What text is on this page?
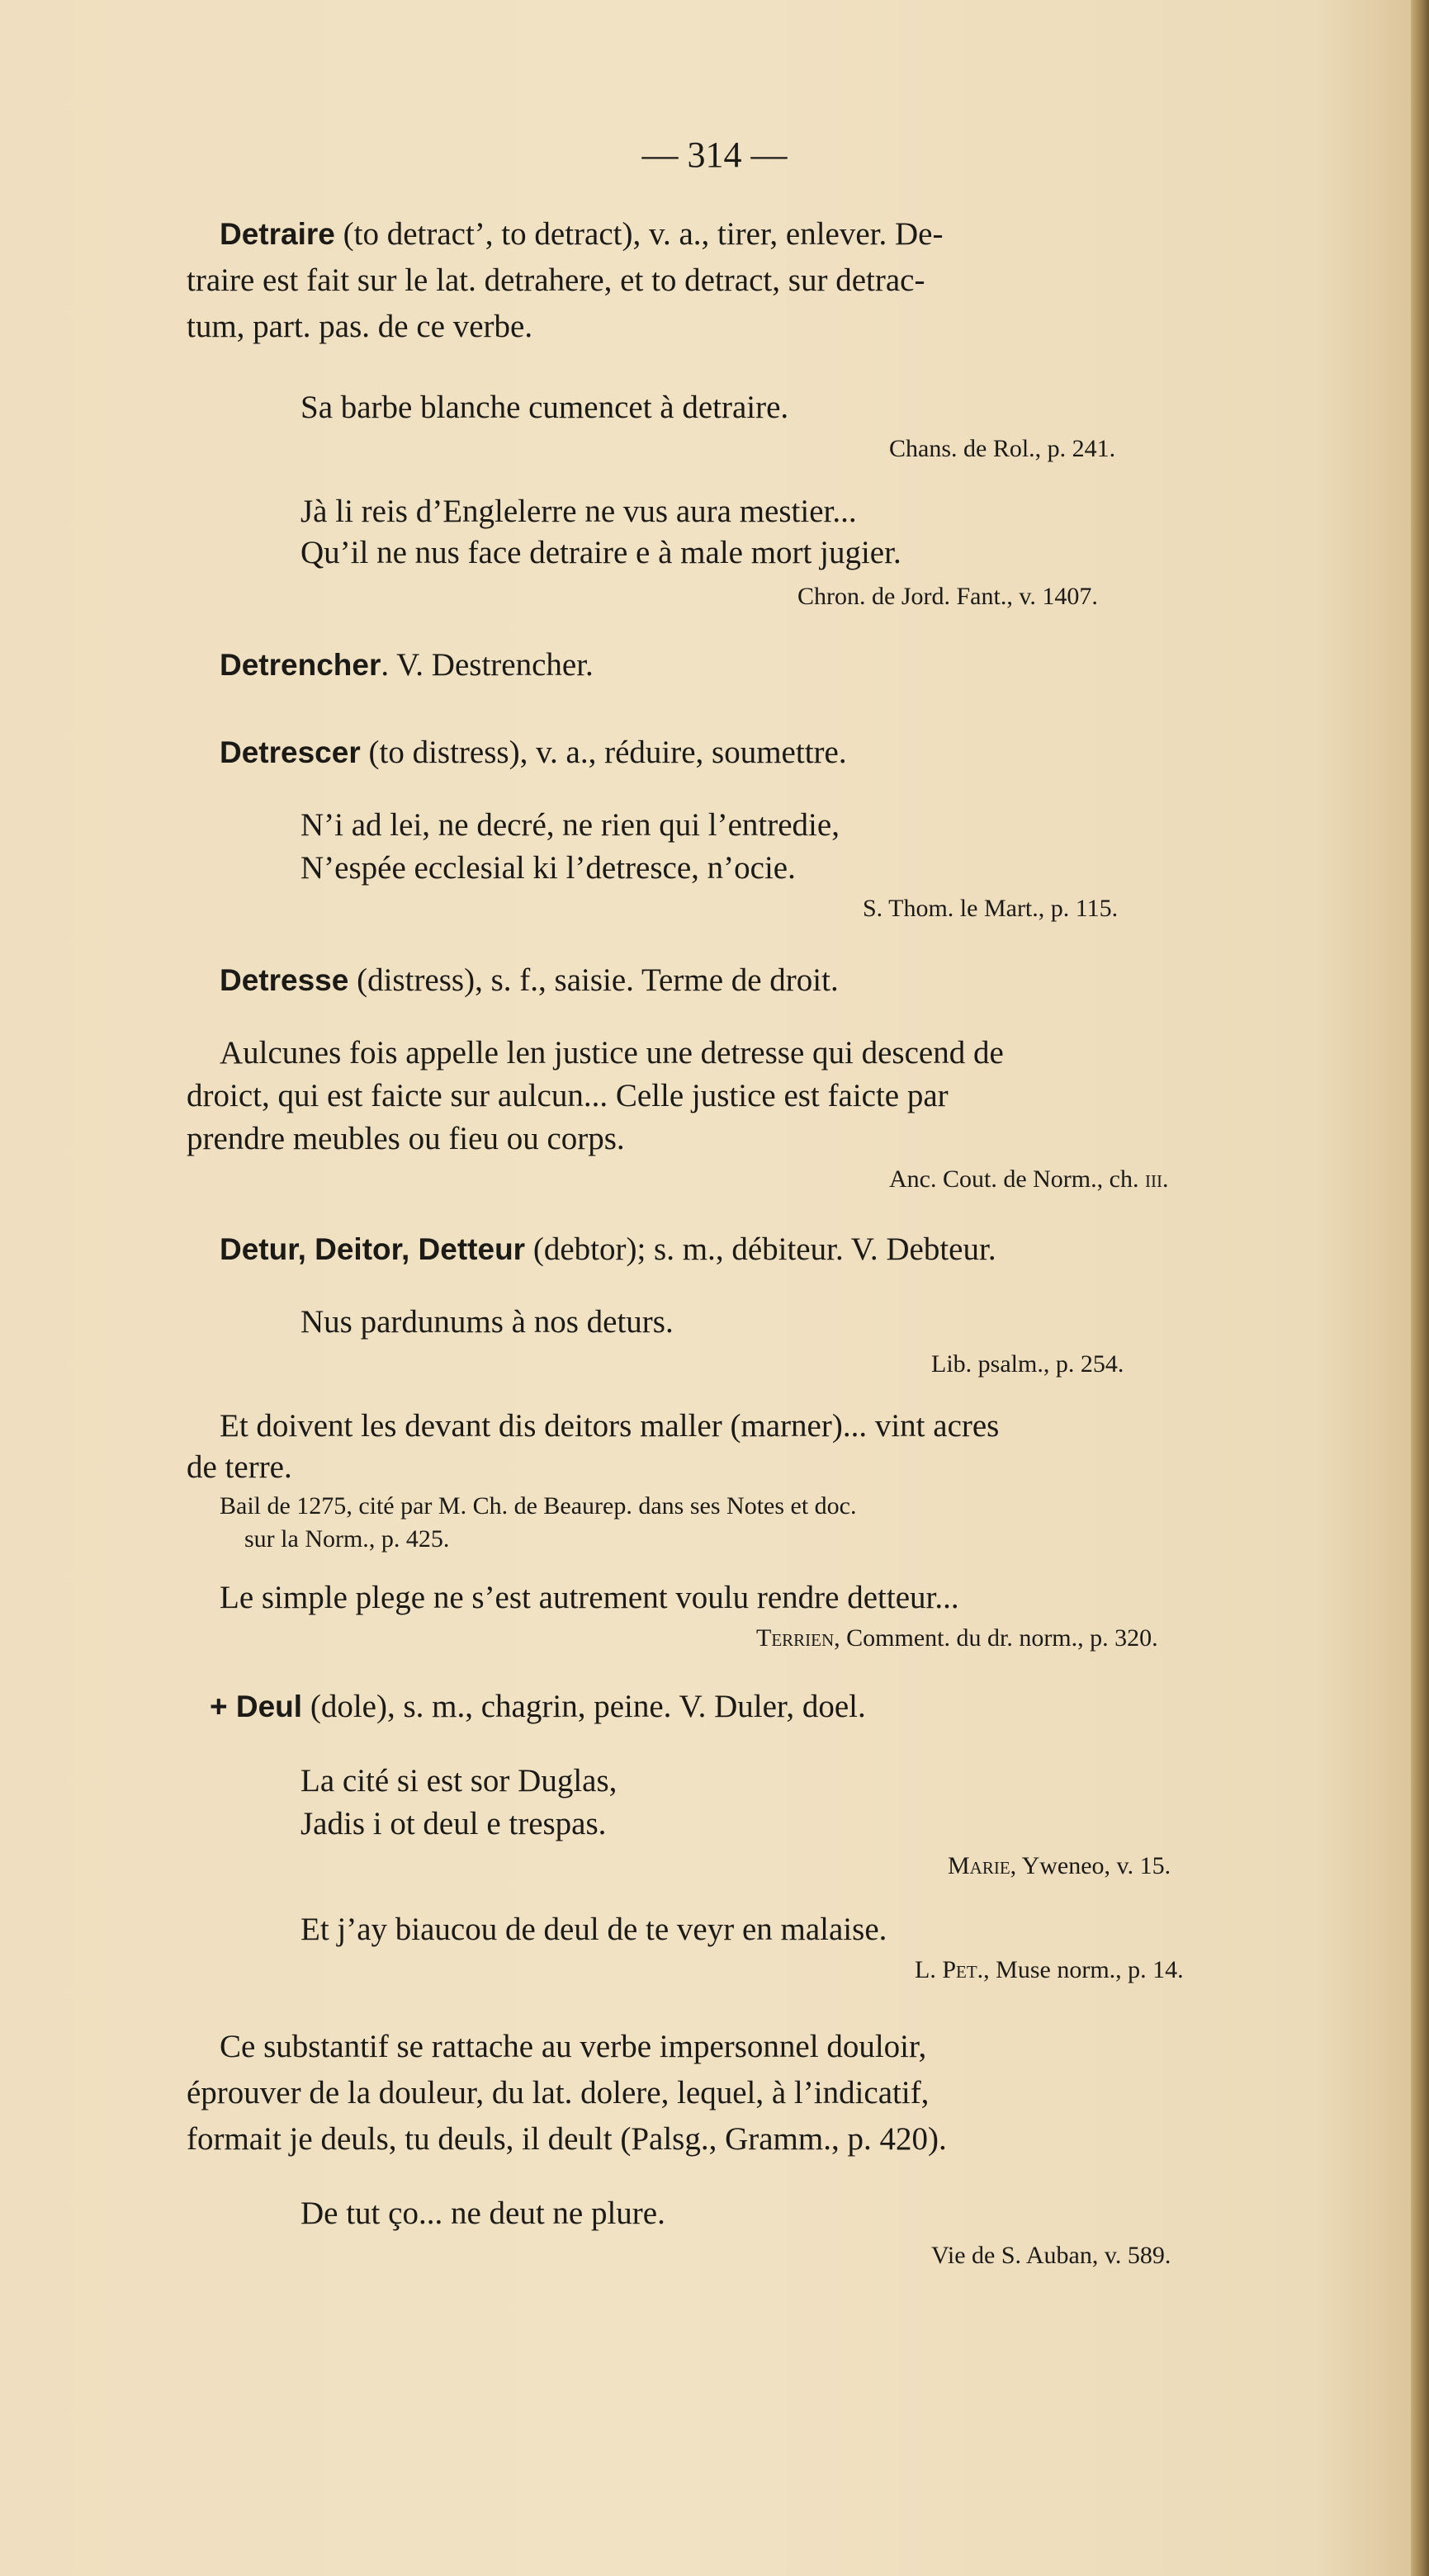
— 314 —

Detraire (to detract’, to detract), v. a., tirer, enlever. De-

traire est fait sur le lat. detrahere, et to detract, sur detrac-

tum, part. pas. de ce verbe.

Sa barbe blanche cumencet à detraire.

Chans. de Rol., p. 241.

Jà li reis d’Englelerre ne vus aura mestier...

Qu’il ne nus face detraire e à male mort jugier.

Chron. de Jord. Fant., v. 1407.

Detrencher. V. Destrencher.

Detrescer (to distress), v. a., réduire, soumettre.

N’i ad lei, ne decré, ne rien qui l’entredie,

N’espée ecclesial ki l’detresce, n’ocie.

S. Thom. le Mart., p. 115.

Detresse (distress), s. f., saisie. Terme de droit.

Aulcunes fois appelle len justice une detresse qui descend de

droict, qui est faicte sur aulcun... Celle justice est faicte par

prendre meubles ou fieu ou corps.

Anc. Cout. de Norm., ch. iii.

Detur, Deitor, Detteur (debtor); s. m., débiteur. V. Debteur.

Nus pardunums à nos deturs.

Lib. psalm., p. 254.

Et doivent les devant dis deitors maller (marner)... vint acres

de terre.

Bail de 1275, cité par M. Ch. de Beaurep. dans ses Notes et doc.

sur la Norm., p. 425.

Le simple plege ne s’est autrement voulu rendre detteur...

Terrien, Comment. du dr. norm., p. 320.

+ Deul (dole), s. m., chagrin, peine. V. Duler, doel.

La cité si est sor Duglas,

Jadis i ot deul e trespas.

Marie, Yweneo, v. 15.

Et j’ay biaucou de deul de te veyr en malaise.

L. Pet., Muse norm., p. 14.

Ce substantif se rattache au verbe impersonnel douloir,

éprouver de la douleur, du lat. dolere, lequel, à l’indicatif,

formait je deuls, tu deuls, il deult (Palsg., Gramm., p. 420).

De tut ço... ne deut ne plure.

Vie de S. Auban, v. 589.
